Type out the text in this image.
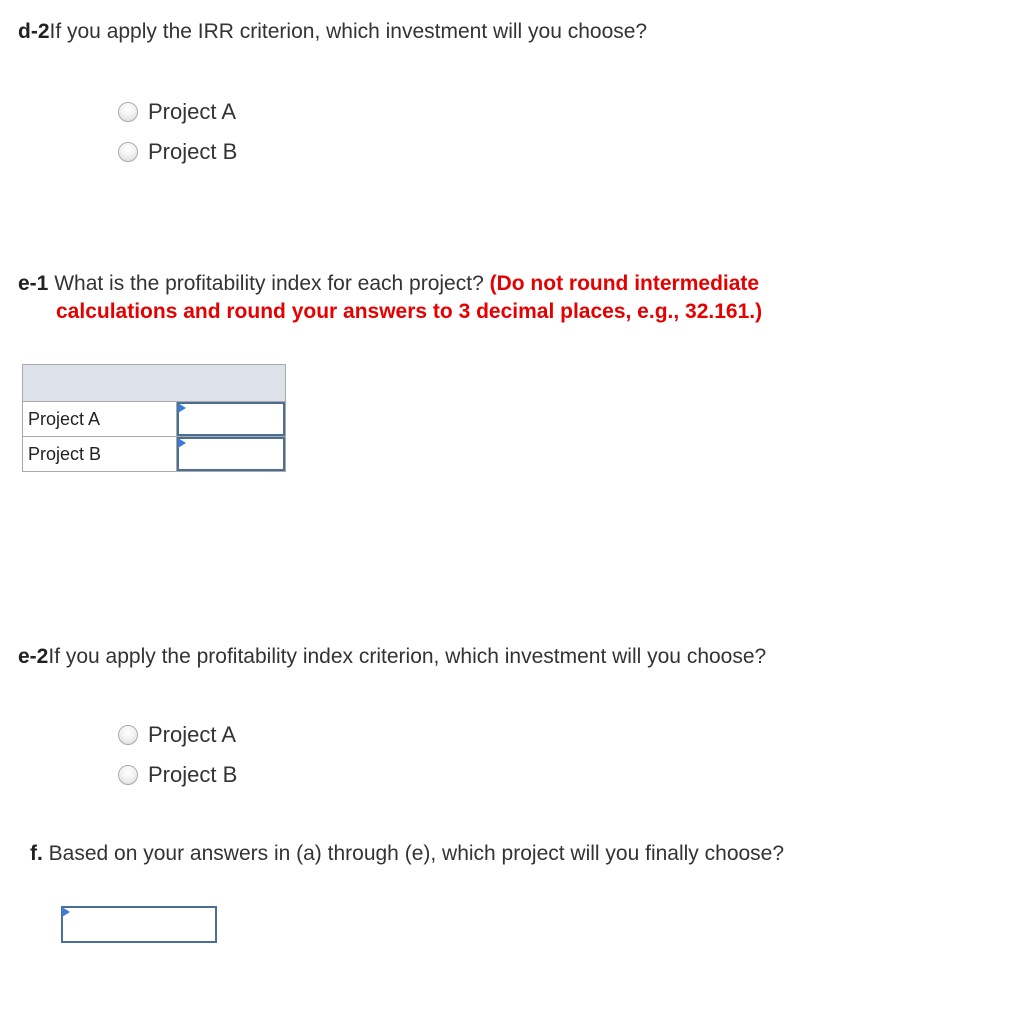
d-2If you apply the IRR criterion, which investment will you choose?
Project A
Project B
e-1 What is the profitability index for each project? (Do not round intermediate
calculations and round your answers to 3 decimal places, e.g., 32.161.)

Project A	

Project B	
e-2If you apply the profitability index criterion, which investment will you choose?
Project A
Project B
f. Based on your answers in (a) through (e), which project will you finally choose?
